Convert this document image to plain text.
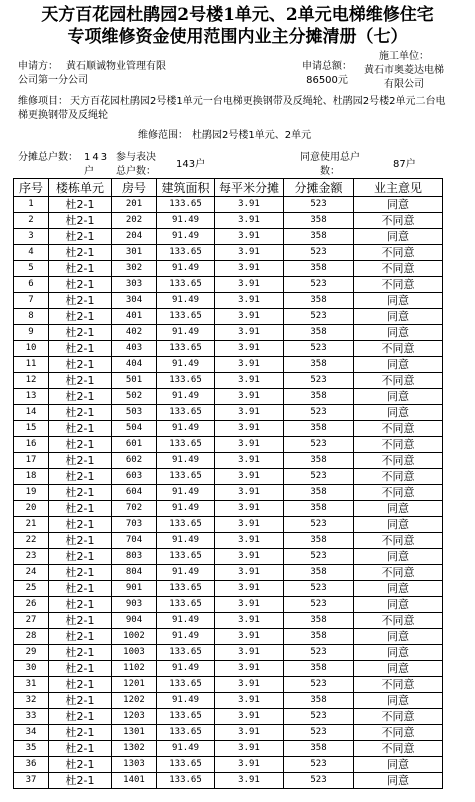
天方百花园杜鹃园2号楼1单元、2单元电梯维修住宅
专项维修资金使用范围内业主分摊清册（七）
申请方： 黄石顺诚物业管理有限公司第一分公司
申请总额：
86500元
施工单位：
黄石市奥菱达电梯有限公司
维修项目： 天方百花园杜鹃园2号楼1单元一台电梯更换钢带及反绳轮、杜鹃园2号楼2单元二台电梯更换钢带及反绳轮
维修范围： 杜鹃园2号楼1单元、2单元
分摊总户数： 143户
参与表决总户数：
143户
同意使用总户数：
87户
序号	楼栋单元	房号	建筑面积	每平米分摊	分摊金额	业主意见
1	杜2-1	201	133.65	3.91	523	同意
2	杜2-1	202	91.49	3.91	358	不同意
3	杜2-1	204	91.49	3.91	358	同意
4	杜2-1	301	133.65	3.91	523	不同意
5	杜2-1	302	91.49	3.91	358	不同意
6	杜2-1	303	133.65	3.91	523	不同意
7	杜2-1	304	91.49	3.91	358	同意
8	杜2-1	401	133.65	3.91	523	同意
9	杜2-1	402	91.49	3.91	358	同意
10	杜2-1	403	133.65	3.91	523	不同意
11	杜2-1	404	91.49	3.91	358	同意
12	杜2-1	501	133.65	3.91	523	不同意
13	杜2-1	502	91.49	3.91	358	同意
14	杜2-1	503	133.65	3.91	523	同意
15	杜2-1	504	91.49	3.91	358	不同意
16	杜2-1	601	133.65	3.91	523	不同意
17	杜2-1	602	91.49	3.91	358	不同意
18	杜2-1	603	133.65	3.91	523	不同意
19	杜2-1	604	91.49	3.91	358	不同意
20	杜2-1	702	91.49	3.91	358	同意
21	杜2-1	703	133.65	3.91	523	同意
22	杜2-1	704	91.49	3.91	358	不同意
23	杜2-1	803	133.65	3.91	523	同意
24	杜2-1	804	91.49	3.91	358	不同意
25	杜2-1	901	133.65	3.91	523	同意
26	杜2-1	903	133.65	3.91	523	同意
27	杜2-1	904	91.49	3.91	358	不同意
28	杜2-1	1002	91.49	3.91	358	同意
29	杜2-1	1003	133.65	3.91	523	同意
30	杜2-1	1102	91.49	3.91	358	同意
31	杜2-1	1201	133.65	3.91	523	不同意
32	杜2-1	1202	91.49	3.91	358	同意
33	杜2-1	1203	133.65	3.91	523	不同意
34	杜2-1	1301	133.65	3.91	523	不同意
35	杜2-1	1302	91.49	3.91	358	不同意
36	杜2-1	1303	133.65	3.91	523	同意
37	杜2-1	1401	133.65	3.91	523	同意
